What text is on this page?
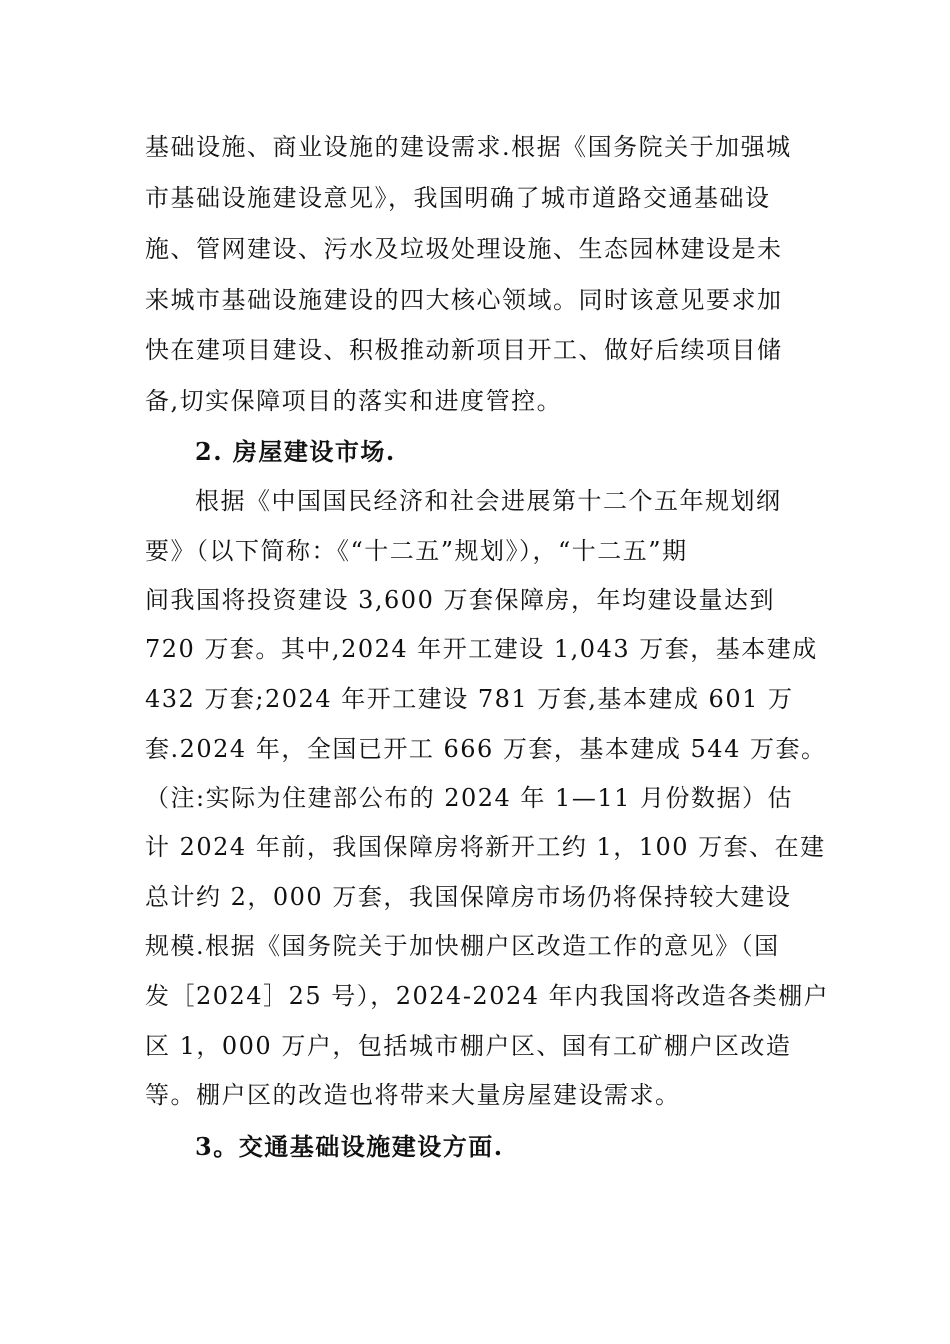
基础设施、商业设施的建设需求.根据《国务院关于加强城
市基础设施建设意见》，我国明确了城市道路交通基础设
施、管网建设、污水及垃圾处理设施、生态园林建设是未
来城市基础设施建设的四大核心领域。同时该意见要求加
快在建项目建设、积极推动新项目开工、做好后续项目储
备,切实保障项目的落实和进度管控。
2. 房屋建设市场.
根据《中国国民经济和社会进展第十二个五年规划纲
要》（以下简称：《“十二五”规划》），“十二五”期
间我国将投资建设 3,600 万套保障房，年均建设量达到
720 万套。其中,2024 年开工建设 1,043 万套，基本建成
432 万套;2024 年开工建设 781 万套,基本建成 601 万
套.2024 年，全国已开工 666 万套，基本建成 544 万套。
（注:实际为住建部公布的 2024 年 1—11 月份数据）估
计 2024 年前，我国保障房将新开工约 1，100 万套、在建
总计约 2，000 万套，我国保障房市场仍将保持较大建设
规模.根据《国务院关于加快棚户区改造工作的意见》（国
发［2024］25 号），2024-2024 年内我国将改造各类棚户
区 1，000 万户，包括城市棚户区、国有工矿棚户区改造
等。棚户区的改造也将带来大量房屋建设需求。
3。交通基础设施建设方面.
